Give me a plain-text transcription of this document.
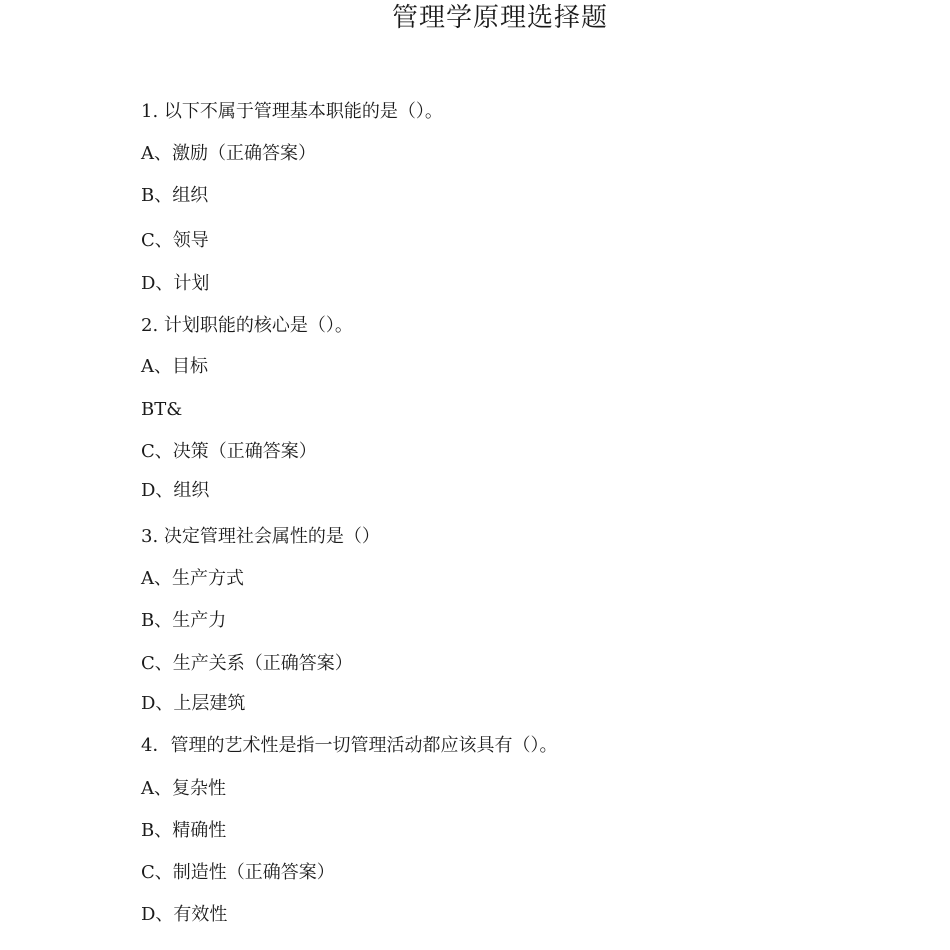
管理学原理选择题
1. 以下不属于管理基本职能的是（）。
A、激励（正确答案）
B、组织
C、领导
D、计划
2. 计划职能的核心是（）。
A、目标
BT&
C、决策（正确答案）
D、组织
3. 决定管理社会属性的是（）
A、生产方式
B、生产力
C、生产关系（正确答案）
D、上层建筑
4．管理的艺术性是指一切管理活动都应该具有（）。
A、复杂性
B、精确性
C、制造性（正确答案）
D、有效性
